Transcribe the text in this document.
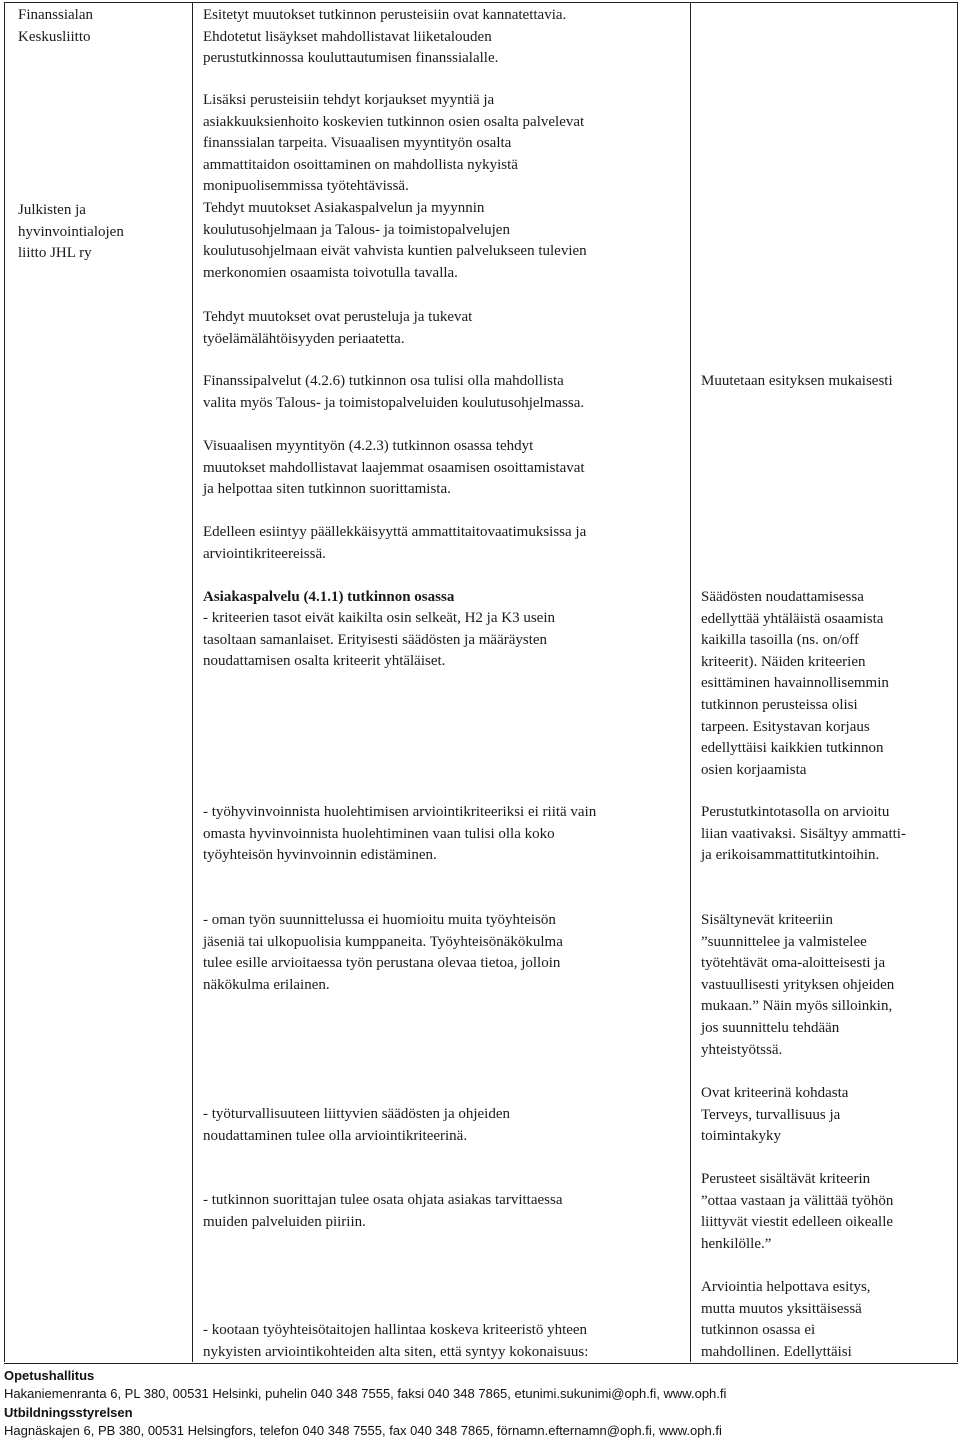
Finanssialan
Keskusliitto
Esitetyt muutokset tutkinnon perusteisiin ovat kannatettavia.
Ehdotetut lisäykset mahdollistavat liiketalouden
perustutkinnossa kouluttautumisen finanssialalle.
Lisäksi perusteisiin tehdyt korjaukset myyntiä ja
asiakkuuksienhoito koskevien tutkinnon osien osalta palvelevat
finanssialan tarpeita. Visuaalisen myyntityön osalta
ammattitaidon osoittaminen on mahdollista nykyistä
monipuolisemmissa työtehtävissä.
Julkisten ja
hyvinvointialojen
liitto JHL ry
Tehdyt muutokset Asiakaspalvelun ja myynnin
koulutusohjelmaan ja Talous- ja toimistopalvelujen
koulutusohjelmaan eivät vahvista kuntien palvelukseen tulevien
merkonomien osaamista toivotulla tavalla.
Tehdyt muutokset ovat perusteluja ja tukevat
työelämälähtöisyyden periaatetta.
Finanssipalvelut (4.2.6) tutkinnon osa tulisi olla mahdollista
valita myös Talous- ja toimistopalveluiden koulutusohjelmassa.
Visuaalisen myyntityön (4.2.3) tutkinnon osassa tehdyt
muutokset mahdollistavat laajemmat osaamisen osoittamistavat
ja helpottaa siten tutkinnon suorittamista.
Edelleen esiintyy päällekkäisyyttä ammattitaitovaatimuksissa ja
arviointikriteereissä.
Asiakaspalvelu (4.1.1) tutkinnon osassa
- kriteerien tasot eivät kaikilta osin selkeät, H2 ja K3 usein
tasoltaan samanlaiset. Erityisesti säädösten ja määräysten
noudattamisen osalta kriteerit yhtäläiset.
- työhyvinvoinnista huolehtimisen arviointikriteeriksi ei riitä vain
omasta hyvinvoinnista huolehtiminen vaan tulisi olla koko
työyhteisön hyvinvoinnin edistäminen.
- oman työn suunnittelussa ei huomioitu muita työyhteisön
jäseniä tai ulkopuolisia kumppaneita. Työyhteisönäkökulma
tulee esille arvioitaessa työn perustana olevaa tietoa, jolloin
näkökulma erilainen.
- työturvallisuuteen liittyvien säädösten ja ohjeiden
noudattaminen tulee olla arviointikriteerinä.
- tutkinnon suorittajan tulee osata ohjata asiakas tarvittaessa
muiden palveluiden piiriin.
- kootaan työyhteisötaitojen hallintaa koskeva kriteeristö yhteen
nykyisten arviointikohteiden alta siten, että syntyy kokonaisuus:
Muutetaan esityksen mukaisesti
Säädösten noudattamisessa
edellyttää yhtäläistä osaamista
kaikilla tasoilla (ns. on/off
kriteerit). Näiden kriteerien
esittäminen havainnollisemmin
tutkinnon perusteissa olisi
tarpeen. Esitystavan korjaus
edellyttäisi kaikkien tutkinnon
osien korjaamista
Perustutkintotasolla on arvioitu
liian vaativaksi. Sisältyy ammatti-
ja erikoisammattitutkintoihin.
Sisältynevät kriteeriin
”suunnittelee ja valmistelee
työtehtävät oma-aloitteisesti ja
vastuullisesti yrityksen ohjeiden
mukaan.” Näin myös silloinkin,
jos suunnittelu tehdään
yhteistyötssä.
Ovat kriteerinä kohdasta
Terveys, turvallisuus ja
toimintakyky
Perusteet sisältävät kriteerin
”ottaa vastaan ja välittää työhön
liittyvät viestit edelleen oikealle
henkilölle.”
Arviointia helpottava esitys,
mutta muutos yksittäisessä
tutkinnon osassa ei
mahdollinen. Edellyttäisi
Opetushallitus
Hakaniemenranta 6, PL 380, 00531 Helsinki, puhelin 040 348 7555, faksi 040 348 7865, etunimi.sukunimi@oph.fi, www.oph.fi
Utbildningsstyrelsen
Hagnäskajen 6, PB 380, 00531 Helsingfors, telefon 040 348 7555, fax 040 348 7865, förnamn.efternamn@oph.fi, www.oph.fi
